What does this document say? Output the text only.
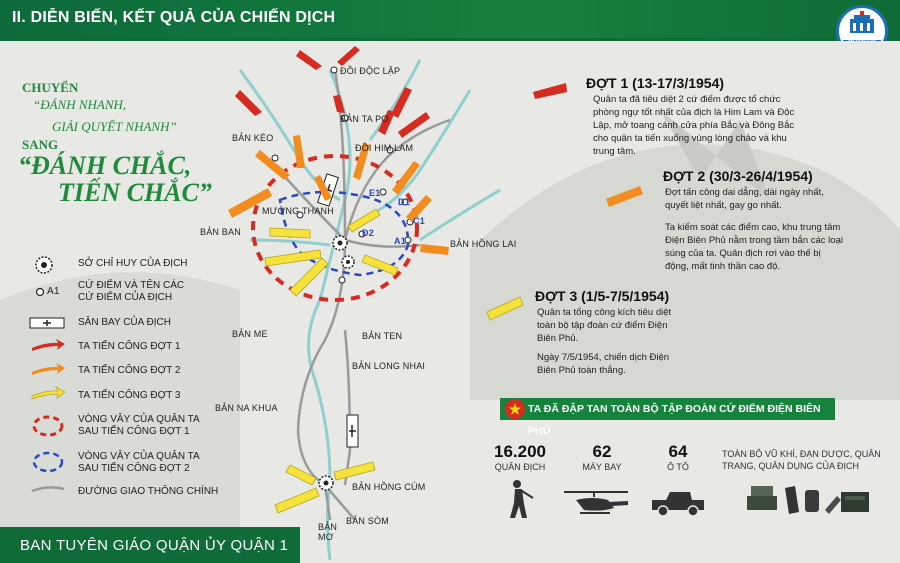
II. DIỄN BIẾN, KẾT QUẢ CỦA CHIẾN DỊCH
CHUYỂN
“ĐÁNH NHANH,
GIẢI QUYẾT NHANH”
SANG
“ĐÁNH CHẮC,
TIẾN CHẮC”
ĐỒI ĐỘC LẬP
BẢN TA PO
BẢN KÉO
ĐỒI HIM LAM
MƯỜNG THANH
BẢN BAN
BẢN HỒNG LAI
BẢN ME	BẢN TEN
BẢN LONG NHAI
BẢN NA KHUA
BẢN HỒNG CÚM
BẢN MƠ
BẢN SÒM
E1
D1
C1
D2
A1
SỞ CHỈ HUY CỦA ĐỊCH
A1
CỨ ĐIỂM VÀ TÊN CÁC CỨ ĐIỂM CỦA ĐỊCH
SÂN BAY CỦA ĐỊCH
TA TIẾN CÔNG ĐỢT 1
TA TIẾN CÔNG ĐỢT 2
TA TIẾN CÔNG ĐỢT 3
VÒNG VÂY CỦA QUÂN TA SAU TIẾN CÔNG ĐỢT 1
VÒNG VÂY CỦA QUÂN TA SAU TIẾN CÔNG ĐỢT 2
ĐƯỜNG GIAO THÔNG CHÍNH
ĐỢT 1 (13-17/3/1954)
Quân ta đã tiêu diệt 2 cứ điểm được tổ chức phòng ngự tốt nhất của địch là Him Lam và Độc Lập, mở toang cánh cửa phía Bắc và Đông Bắc cho quân ta tiến xuống vùng lòng chảo và khu trung tâm.
ĐỢT 2 (30/3-26/4/1954)
Đợt tấn công dai dẳng, dài ngày nhất, quyết liệt nhất, gay go nhất.
Ta kiểm soát các điểm cao, khu trung tâm Điện Biên Phủ nằm trong tầm bắn các loại súng của ta. Quân địch rơi vào thế bị động, mất tinh thần cao độ.
ĐỢT 3 (1/5-7/5/1954)
Quân ta tổng công kích tiêu diệt toàn bộ tập đoàn cứ điểm Điện Biên Phủ.
Ngày 7/5/1954, chiến dịch Điện Biên Phủ toàn thắng.
★ TA ĐÃ ĐẬP TAN TOÀN BỘ TẬP ĐOÀN CỨ ĐIỂM ĐIỆN BIÊN PHỦ
16.200
QUÂN ĐỊCH
62
MÁY BAY
64
Ô TÔ
TOÀN BỘ VŨ KHÍ, ĐẠN DƯỢC, QUÂN TRANG, QUÂN DỤNG CỦA ĐỊCH
BAN TUYÊN GIÁO QUẬN ỦY QUẬN 1
